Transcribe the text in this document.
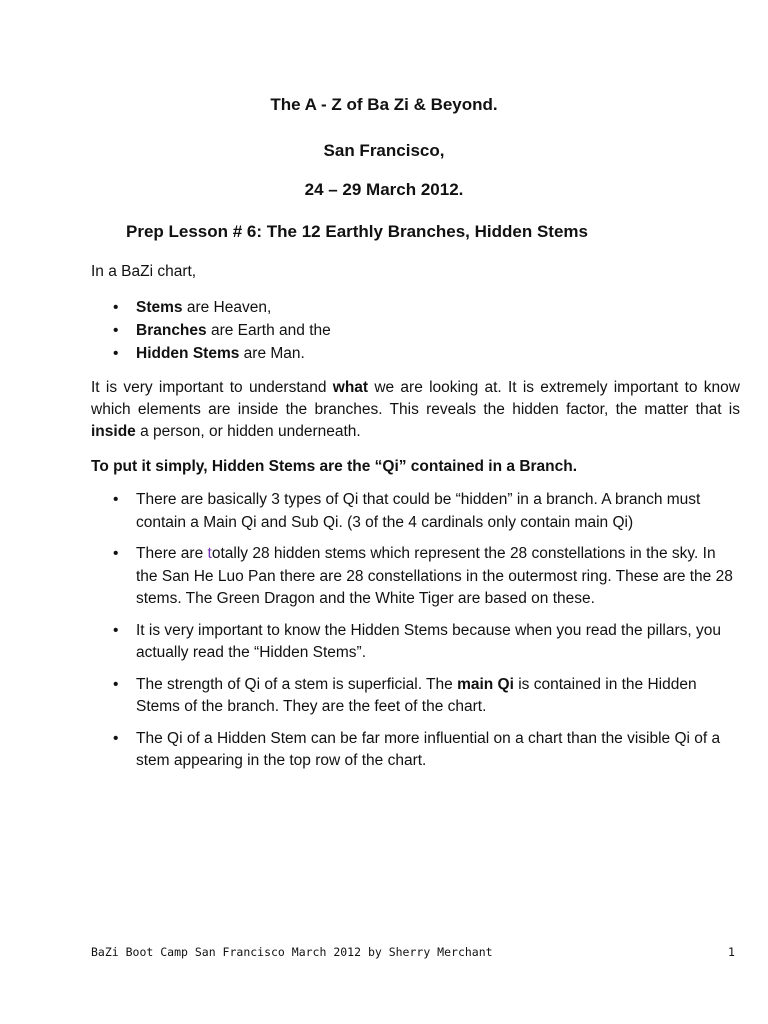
The A - Z of Ba Zi & Beyond.
San Francisco,
24 – 29 March 2012.
Prep Lesson # 6: The 12 Earthly Branches, Hidden Stems
In a BaZi chart,
• Stems are Heaven,
• Branches are Earth and the
• Hidden Stems are Man.
It is very important to understand what we are looking at. It is extremely important to know which elements are inside the branches. This reveals the hidden factor, the matter that is inside a person, or hidden underneath.
To put it simply, Hidden Stems are the “Qi” contained in a Branch.
• There are basically 3 types of Qi that could be “hidden” in a branch. A branch must contain a Main Qi and Sub Qi. (3 of the 4 cardinals only contain main Qi)
• There are totally 28 hidden stems which represent the 28 constellations in the sky. In the San He Luo Pan there are 28 constellations in the outermost ring. These are the 28 stems. The Green Dragon and the White Tiger are based on these.
• It is very important to know the Hidden Stems because when you read the pillars, you actually read the “Hidden Stems”.
• The strength of Qi of a stem is superficial. The main Qi is contained in the Hidden Stems of the branch. They are the feet of the chart.
• The Qi of a Hidden Stem can be far more influential on a chart than the visible Qi of a stem appearing in the top row of the chart.
BaZi Boot Camp San Francisco March 2012 by Sherry Merchant	1
